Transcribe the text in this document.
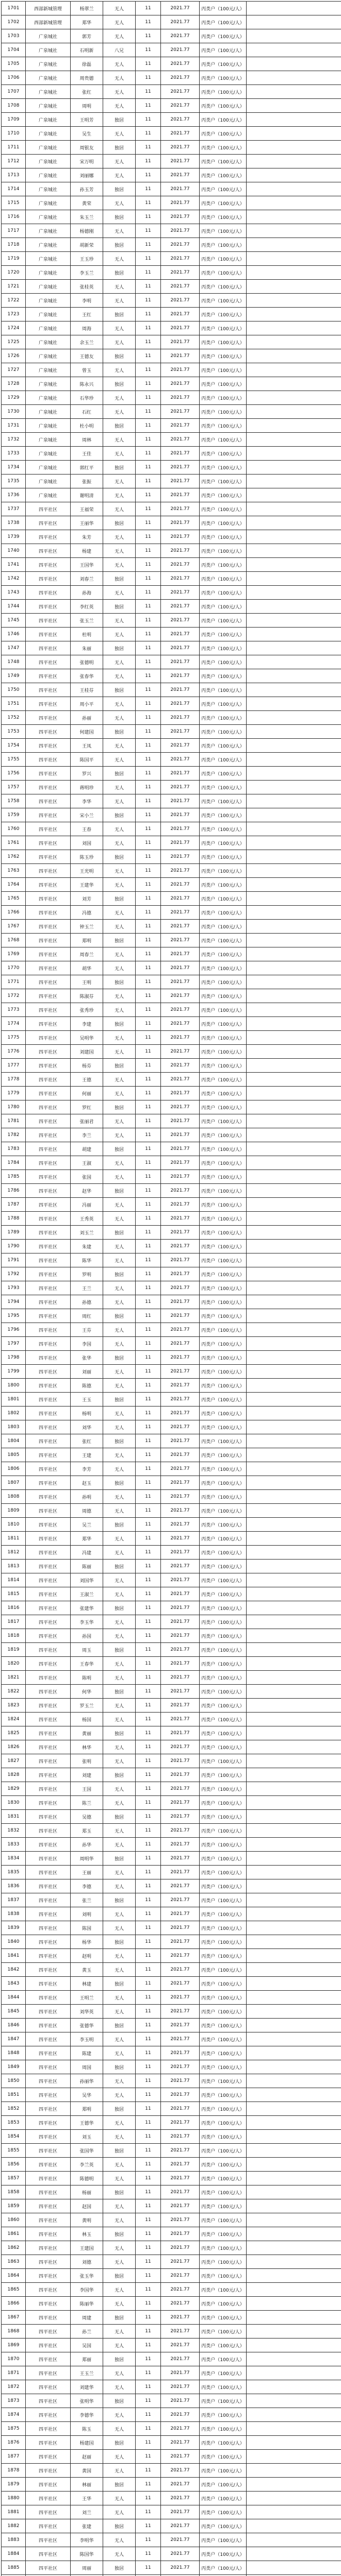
1701	西部新城管理	杨翠兰	无人	11	2021.77	丙类户（100元/人）	
1702	西部新城管理	郑华	无人	11	2021.77	丙类户（100元/人）	
1703	广泉城社	郭芳	无人	11	2021.77	丙类户（100元/人）	
1704	广泉城社	石明新	八兄	11	2021.77	丙类户（100元/人）	
1705	广泉城社	徐磊	无人	11	2021.77	丙类户（100元/人）	
1706	广泉城社	周贵德	无人	11	2021.77	丙类户（100元/人）	
1707	广泉城社	张红	无人	11	2021.77	丙类户（100元/人）	
1708	广泉城社	周明	无人	11	2021.77	丙类户（100元/人）	
1709	广泉城社	王明芳	独居	11	2021.77	丙类户（100元/人）	
1710	广泉城社	吴生	无人	11	2021.77	丙类户（100元/人）	
1711	广泉城社	周银友	独居	11	2021.77	丙类户（100元/人）	
1712	广泉城社	宋万明	无人	11	2021.77	丙类户（100元/人）	
1713	广泉城社	刘丽娜	无人	11	2021.77	丙类户（100元/人）	
1714	广泉城社	孙玉芳	独居	11	2021.77	丙类户（100元/人）	
1715	广泉城社	黄荣	无人	11	2021.77	丙类户（100元/人）	
1716	广泉城社	朱玉兰	独居	11	2021.77	丙类户（100元/人）	
1717	广泉城社	杨德刚	无人	11	2021.77	丙类户（100元/人）	
1718	广泉城社	胡新荣	独居	11	2021.77	丙类户（100元/人）	
1719	广泉城社	王玉珍	无人	11	2021.77	丙类户（100元/人）	
1720	广泉城社	李玉兰	独居	11	2021.77	丙类户（100元/人）	
1721	广泉城社	张桂英	无人	11	2021.77	丙类户（100元/人）	
1722	广泉城社	李明	无人	11	2021.77	丙类户（100元/人）	
1723	广泉城社	王红	独居	11	2021.77	丙类户（100元/人）	
1724	广泉城社	周海	无人	11	2021.77	丙类户（100元/人）	
1725	广泉城社	余玉兰	无人	11	2021.77	丙类户（100元/人）	
1726	广泉城社	王德友	独居	11	2021.77	丙类户（100元/人）	
1727	广泉城社	曾玉	无人	11	2021.77	丙类户（100元/人）	
1728	广泉城社	陈永兴	独居	11	2021.77	丙类户（100元/人）	
1729	广泉城社	石华珍	无人	11	2021.77	丙类户（100元/人）	
1730	广泉城社	石红	无人	11	2021.77	丙类户（100元/人）	
1731	广泉城社	杜小明	独居	11	2021.77	丙类户（100元/人）	
1732	广泉城社	周林	无人	11	2021.77	丙类户（100元/人）	
1733	广泉城社	王佳	无人	11	2021.77	丙类户（100元/人）	
1734	广泉城社	郭红平	独居	11	2021.77	丙类户（100元/人）	
1735	广泉城社	张振	无人	11	2021.77	丙类户（100元/人）	
1736	广泉城社	谢明清	无人	11	2021.77	丙类户（100元/人）	
1737	四平社区	王福荣	无人	11	2021.77	丙类户（100元/人）	
1738	四平社区	王丽华	独居	11	2021.77	丙类户（100元/人）	
1739	四平社区	朱芳	无人	11	2021.77	丙类户（100元/人）	
1740	四平社区	杨建	无人	11	2021.77	丙类户（100元/人）	
1741	四平社区	王国华	无人	11	2021.77	丙类户（100元/人）	
1742	四平社区	刘春兰	独居	11	2021.77	丙类户（100元/人）	
1743	四平社区	孙海	无人	11	2021.77	丙类户（100元/人）	
1744	四平社区	李红英	独居	11	2021.77	丙类户（100元/人）	
1745	四平社区	张玉兰	无人	11	2021.77	丙类户（100元/人）	
1746	四平社区	杜明	无人	11	2021.77	丙类户（100元/人）	
1747	四平社区	朱丽	独居	11	2021.77	丙类户（100元/人）	
1748	四平社区	张德明	无人	11	2021.77	丙类户（100元/人）	
1749	四平社区	张春华	无人	11	2021.77	丙类户（100元/人）	
1750	四平社区	王桂芬	独居	11	2021.77	丙类户（100元/人）	
1751	四平社区	周小平	无人	11	2021.77	丙类户（100元/人）	
1752	四平社区	孙丽	无人	11	2021.77	丙类户（100元/人）	
1753	四平社区	何建国	独居	11	2021.77	丙类户（100元/人）	
1754	四平社区	王凤	无人	11	2021.77	丙类户（100元/人）	
1755	四平社区	陈国平	无人	11	2021.77	丙类户（100元/人）	
1756	四平社区	罗兴	独居	11	2021.77	丙类户（100元/人）	
1757	四平社区	蒋明珍	无人	11	2021.77	丙类户（100元/人）	
1758	四平社区	李华	无人	11	2021.77	丙类户（100元/人）	
1759	四平社区	宋小兰	独居	11	2021.77	丙类户（100元/人）	
1760	四平社区	王春	无人	11	2021.77	丙类户（100元/人）	
1761	四平社区	刘国	无人	11	2021.77	丙类户（100元/人）	
1762	四平社区	陈玉珍	独居	11	2021.77	丙类户（100元/人）	
1763	四平社区	王光明	无人	11	2021.77	丙类户（100元/人）	
1764	四平社区	王建华	无人	11	2021.77	丙类户（100元/人）	
1765	四平社区	刘芳	独居	11	2021.77	丙类户（100元/人）	
1766	四平社区	冯德	无人	11	2021.77	丙类户（100元/人）	
1767	四平社区	钟玉兰	无人	11	2021.77	丙类户（100元/人）	
1768	四平社区	郑明	独居	11	2021.77	丙类户（100元/人）	
1769	四平社区	周春兰	无人	11	2021.77	丙类户（100元/人）	
1770	四平社区	胡华	无人	11	2021.77	丙类户（100元/人）	
1771	四平社区	王明	独居	11	2021.77	丙类户（100元/人）	
1772	四平社区	陈淑芬	无人	11	2021.77	丙类户（100元/人）	
1773	四平社区	张秀珍	无人	11	2021.77	丙类户（100元/人）	
1774	四平社区	李建	独居	11	2021.77	丙类户（100元/人）	
1775	四平社区	吴明华	无人	11	2021.77	丙类户（100元/人）	
1776	四平社区	刘建国	无人	11	2021.77	丙类户（100元/人）	
1777	四平社区	杨芬	独居	11	2021.77	丙类户（100元/人）	
1778	四平社区	王德	无人	11	2021.77	丙类户（100元/人）	
1779	四平社区	何丽	无人	11	2021.77	丙类户（100元/人）	
1780	四平社区	罗红	独居	11	2021.77	丙类户（100元/人）	
1781	四平社区	张丽君	无人	11	2021.77	丙类户（100元/人）	
1782	四平社区	李兰	无人	11	2021.77	丙类户（100元/人）	
1783	四平社区	胡建	独居	11	2021.77	丙类户（100元/人）	
1784	四平社区	王淑	无人	11	2021.77	丙类户（100元/人）	
1785	四平社区	张国	无人	11	2021.77	丙类户（100元/人）	
1786	四平社区	赵华	独居	11	2021.77	丙类户（100元/人）	
1787	四平社区	冯丽	无人	11	2021.77	丙类户（100元/人）	
1788	四平社区	王秀英	无人	11	2021.77	丙类户（100元/人）	
1789	四平社区	刘玉兰	独居	11	2021.77	丙类户（100元/人）	
1790	四平社区	朱建	无人	11	2021.77	丙类户（100元/人）	
1791	四平社区	陈华	无人	11	2021.77	丙类户（100元/人）	
1792	四平社区	罗明	独居	11	2021.77	丙类户（100元/人）	
1793	四平社区	王兰	无人	11	2021.77	丙类户（100元/人）	
1794	四平社区	孙德	无人	11	2021.77	丙类户（100元/人）	
1795	四平社区	周红	独居	11	2021.77	丙类户（100元/人）	
1796	四平社区	王芬	无人	11	2021.77	丙类户（100元/人）	
1797	四平社区	李国	无人	11	2021.77	丙类户（100元/人）	
1798	四平社区	张华	独居	11	2021.77	丙类户（100元/人）	
1799	四平社区	刘丽	无人	11	2021.77	丙类户（100元/人）	
1800	四平社区	陈德	无人	11	2021.77	丙类户（100元/人）	
1801	四平社区	王玉	独居	11	2021.77	丙类户（100元/人）	
1802	四平社区	杨明	无人	11	2021.77	丙类户（100元/人）	
1803	四平社区	刘华	无人	11	2021.77	丙类户（100元/人）	
1804	四平社区	张红	独居	11	2021.77	丙类户（100元/人）	
1805	四平社区	王建	无人	11	2021.77	丙类户（100元/人）	
1806	四平社区	李芳	无人	11	2021.77	丙类户（100元/人）	
1807	四平社区	赵玉	独居	11	2021.77	丙类户（100元/人）	
1808	四平社区	孙明	无人	11	2021.77	丙类户（100元/人）	
1809	四平社区	周德	无人	11	2021.77	丙类户（100元/人）	
1810	四平社区	吴兰	独居	11	2021.77	丙类户（100元/人）	
1811	四平社区	郑华	无人	11	2021.77	丙类户（100元/人）	
1812	四平社区	冯建	无人	11	2021.77	丙类户（100元/人）	
1813	四平社区	陈丽	独居	11	2021.77	丙类户（100元/人）	
1814	四平社区	刘国华	无人	11	2021.77	丙类户（100元/人）	
1815	四平社区	王淑兰	无人	11	2021.77	丙类户（100元/人）	
1816	四平社区	张建华	独居	11	2021.77	丙类户（100元/人）	
1817	四平社区	李玉华	无人	11	2021.77	丙类户（100元/人）	
1818	四平社区	孙国	无人	11	2021.77	丙类户（100元/人）	
1819	四平社区	周玉	独居	11	2021.77	丙类户（100元/人）	
1820	四平社区	王春华	无人	11	2021.77	丙类户（100元/人）	
1821	四平社区	陈明	无人	11	2021.77	丙类户（100元/人）	
1822	四平社区	何华	独居	11	2021.77	丙类户（100元/人）	
1823	四平社区	罗玉兰	无人	11	2021.77	丙类户（100元/人）	
1824	四平社区	杨国	无人	11	2021.77	丙类户（100元/人）	
1825	四平社区	黄丽	独居	11	2021.77	丙类户（100元/人）	
1826	四平社区	林华	无人	11	2021.77	丙类户（100元/人）	
1827	四平社区	张明	无人	11	2021.77	丙类户（100元/人）	
1828	四平社区	刘建	独居	11	2021.77	丙类户（100元/人）	
1829	四平社区	王国	无人	11	2021.77	丙类户（100元/人）	
1830	四平社区	陈兰	无人	11	2021.77	丙类户（100元/人）	
1831	四平社区	吴德	独居	11	2021.77	丙类户（100元/人）	
1832	四平社区	郑玉	无人	11	2021.77	丙类户（100元/人）	
1833	四平社区	孙华	无人	11	2021.77	丙类户（100元/人）	
1834	四平社区	周明华	独居	11	2021.77	丙类户（100元/人）	
1835	四平社区	王丽	无人	11	2021.77	丙类户（100元/人）	
1836	四平社区	李德	无人	11	2021.77	丙类户（100元/人）	
1837	四平社区	张兰	独居	11	2021.77	丙类户（100元/人）	
1838	四平社区	刘明	无人	11	2021.77	丙类户（100元/人）	
1839	四平社区	陈国	无人	11	2021.77	丙类户（100元/人）	
1840	四平社区	杨华	独居	11	2021.77	丙类户（100元/人）	
1841	四平社区	赵明	无人	11	2021.77	丙类户（100元/人）	
1842	四平社区	黄玉	无人	11	2021.77	丙类户（100元/人）	
1843	四平社区	林建	独居	11	2021.77	丙类户（100元/人）	
1844	四平社区	王明兰	无人	11	2021.77	丙类户（100元/人）	
1845	四平社区	刘华英	无人	11	2021.77	丙类户（100元/人）	
1846	四平社区	张德华	独居	11	2021.77	丙类户（100元/人）	
1847	四平社区	李玉明	无人	11	2021.77	丙类户（100元/人）	
1848	四平社区	陈建	无人	11	2021.77	丙类户（100元/人）	
1849	四平社区	周国	独居	11	2021.77	丙类户（100元/人）	
1850	四平社区	孙丽华	无人	11	2021.77	丙类户（100元/人）	
1851	四平社区	吴华	无人	11	2021.77	丙类户（100元/人）	
1852	四平社区	郑明	独居	11	2021.77	丙类户（100元/人）	
1853	四平社区	王德华	无人	11	2021.77	丙类户（100元/人）	
1854	四平社区	刘玉	无人	11	2021.77	丙类户（100元/人）	
1855	四平社区	张国华	独居	11	2021.77	丙类户（100元/人）	
1856	四平社区	李兰英	无人	11	2021.77	丙类户（100元/人）	
1857	四平社区	陈德明	无人	11	2021.77	丙类户（100元/人）	
1858	四平社区	杨丽	独居	11	2021.77	丙类户（100元/人）	
1859	四平社区	赵国	无人	11	2021.77	丙类户（100元/人）	
1860	四平社区	黄明	无人	11	2021.77	丙类户（100元/人）	
1861	四平社区	林玉	独居	11	2021.77	丙类户（100元/人）	
1862	四平社区	王建国	无人	11	2021.77	丙类户（100元/人）	
1863	四平社区	刘德	无人	11	2021.77	丙类户（100元/人）	
1864	四平社区	张玉华	独居	11	2021.77	丙类户（100元/人）	
1865	四平社区	李国华	无人	11	2021.77	丙类户（100元/人）	
1866	四平社区	陈丽华	无人	11	2021.77	丙类户（100元/人）	
1867	四平社区	周建	独居	11	2021.77	丙类户（100元/人）	
1868	四平社区	孙兰	无人	11	2021.77	丙类户（100元/人）	
1869	四平社区	吴国	无人	11	2021.77	丙类户（100元/人）	
1870	四平社区	郑丽	独居	11	2021.77	丙类户（100元/人）	
1871	四平社区	王玉兰	无人	11	2021.77	丙类户（100元/人）	
1872	四平社区	刘建华	无人	11	2021.77	丙类户（100元/人）	
1873	四平社区	张明华	独居	11	2021.77	丙类户（100元/人）	
1874	四平社区	李德华	无人	11	2021.77	丙类户（100元/人）	
1875	四平社区	陈玉	无人	11	2021.77	丙类户（100元/人）	
1876	四平社区	杨建国	独居	11	2021.77	丙类户（100元/人）	
1877	四平社区	赵丽	无人	11	2021.77	丙类户（100元/人）	
1878	四平社区	黄国	无人	11	2021.77	丙类户（100元/人）	
1879	四平社区	林丽	独居	11	2021.77	丙类户（100元/人）	
1880	四平社区	王华	无人	11	2021.77	丙类户（100元/人）	
1881	四平社区	刘兰	无人	11	2021.77	丙类户（100元/人）	
1882	四平社区	张建	独居	11	2021.77	丙类户（100元/人）	
1883	四平社区	李明华	无人	11	2021.77	丙类户（100元/人）	
1884	四平社区	陈国华	无人	11	2021.77	丙类户（100元/人）	
1885	四平社区	周丽	独居	11	2021.77	丙类户（100元/人）	
